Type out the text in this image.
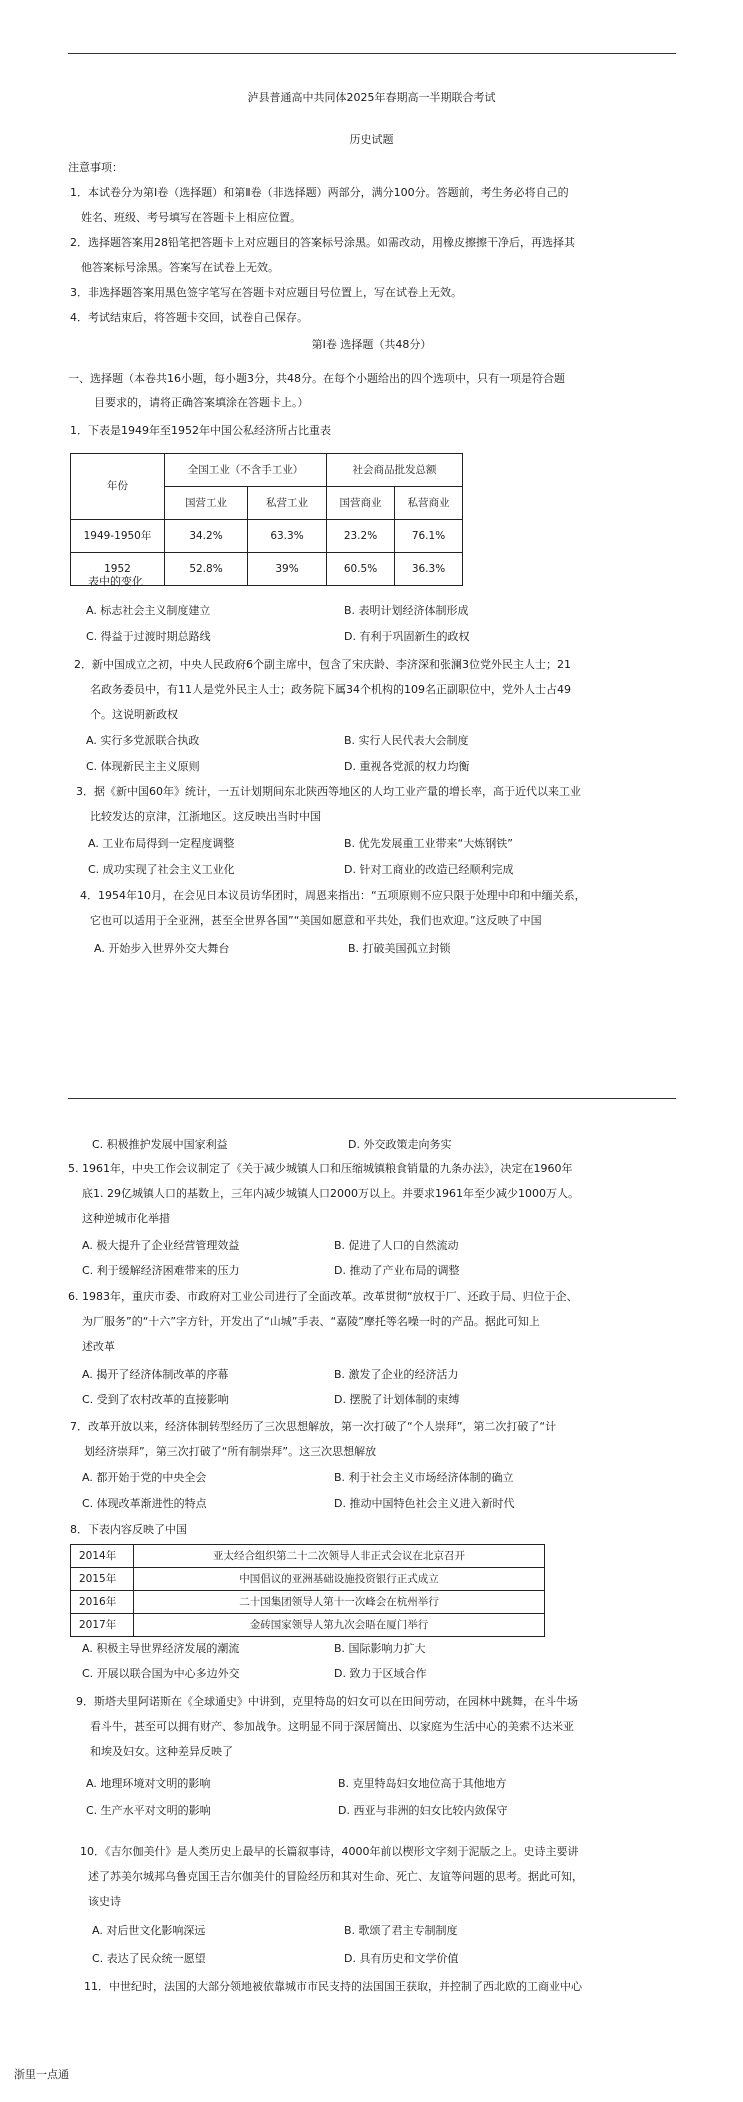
泸县普通高中共同体2025年春期高一半期联合考试
历史试题
注意事项：
1．本试卷分为第Ⅰ卷（选择题）和第Ⅱ卷（非选择题）两部分，满分100分。答题前，考生务必将自己的
姓名、班级、考号填写在答题卡上相应位置。
2．选择题答案用28铅笔把答题卡上对应题目的答案标号涂黑。如需改动，用橡皮擦擦干净后，再选择其
他答案标号涂黑。答案写在试卷上无效。
3．非选择题答案用黑色签字笔写在答题卡对应题目号位置上，写在试卷上无效。
4．考试结束后，将答题卡交回，试卷自己保存。
第Ⅰ卷 选择题（共48分）
一、选择题（本卷共16小题，每小题3分，共48分。在每个小题给出的四个选项中，只有一项是符合题
目要求的，请将正确答案填涂在答题卡上。）
1．下表是1949年至1952年中国公私经济所占比重表
年份	全国工业（不含手工业）		社会商品批发总额	
	国营工业	私营工业	国营商业	私营商业
1949-1950年	34.2%	63.3%	23.2%	76.1%
1952	52.8%	39%	60.5%	36.3%
表中的变化
A. 标志社会主义制度建立	B. 表明计划经济体制形成
C. 得益于过渡时期总路线	D. 有利于巩固新生的政权
2．新中国成立之初，中央人民政府6个副主席中，包含了宋庆龄、李济深和张澜3位党外民主人士；21
名政务委员中，有11人是党外民主人士；政务院下属34个机构的109名正副职位中，党外人士占49
个。这说明新政权
A. 实行多党派联合执政	B. 实行人民代表大会制度
C. 体现新民主主义原则	D. 重视各党派的权力均衡
3．据《新中国60年》统计，一五计划期间东北陕西等地区的人均工业产量的增长率，高于近代以来工业
比较发达的京津，江浙地区。这反映出当时中国
A. 工业布局得到一定程度调整	B. 优先发展重工业带来“大炼钢铁”
C. 成功实现了社会主义工业化	D. 针对工商业的改造已经顺利完成
4．1954年10月，在会见日本议员访华团时，周恩来指出：“五项原则不应只限于处理中印和中缅关系，
它也可以适用于全亚洲，甚至全世界各国”“美国如愿意和平共处，我们也欢迎。”这反映了中国
A. 开始步入世界外交大舞台	B. 打破美国孤立封锁
C. 积极推护发展中国家利益	D. 外交政策走向务实
5. 1961年，中央工作会议制定了《关于减少城镇人口和压缩城镇粮食销量的九条办法》，决定在1960年
底1. 29亿城镇人口的基数上，三年内减少城镇人口2000万以上。并要求1961年至少减少1000万人。
这种逆城市化举措
A. 极大提升了企业经营管理效益	B. 促进了人口的自然流动
C. 利于缓解经济困难带来的压力	D. 推动了产业布局的调整
6. 1983年，重庆市委、市政府对工业公司进行了全面改革。改革贯彻“放权于厂、还政于局、归位于企、
为厂服务”的“十六”字方针，开发出了“山城”手表、“嘉陵”摩托等名噪一时的产品。据此可知上
述改革
A. 揭开了经济体制改革的序幕	B. 激发了企业的经济活力
C. 受到了农村改革的直接影响	D. 摆脱了计划体制的束缚
7．改革开放以来，经济体制转型经历了三次思想解放，第一次打破了“个人崇拜”，第二次打破了“计
划经济崇拜”，第三次打破了“所有制崇拜”。这三次思想解放
A. 都开始于党的中央全会	B. 利于社会主义市场经济体制的确立
C. 体现改革渐进性的特点	D. 推动中国特色社会主义进入新时代
8．下表内容反映了中国
2014年	亚太经合组织第二十二次领导人非正式会议在北京召开
2015年	中国倡议的亚洲基础设施投资银行正式成立
2016年	二十国集团领导人第十一次峰会在杭州举行
2017年	金砖国家领导人第九次会晤在厦门举行
A. 积极主导世界经济发展的潮流	B. 国际影响力扩大
C. 开展以联合国为中心多边外交	D. 致力于区域合作
9．斯塔夫里阿诺斯在《全球通史》中讲到，克里特岛的妇女可以在田间劳动，在园林中跳舞，在斗牛场
看斗牛，甚至可以拥有财产、参加战争。这明显不同于深居简出、以家庭为生活中心的美索不达米亚
和埃及妇女。这种差异反映了
A. 地理环境对文明的影响	B. 克里特岛妇女地位高于其他地方
C. 生产水平对文明的影响	D. 西亚与非洲的妇女比较内敛保守
10．《吉尔伽美什》是人类历史上最早的长篇叙事诗，4000年前以楔形文字刻于泥版之上。史诗主要讲
述了苏美尔城邦乌鲁克国王吉尔伽美什的冒险经历和其对生命、死亡、友谊等问题的思考。据此可知，
该史诗
A. 对后世文化影响深远	B. 歌颂了君主专制制度
C. 表达了民众统一愿望	D. 具有历史和文学价值
11．中世纪时，法国的大部分领地被依靠城市市民支持的法国国王获取，并控制了西北欧的工商业中心
浙里一点通
